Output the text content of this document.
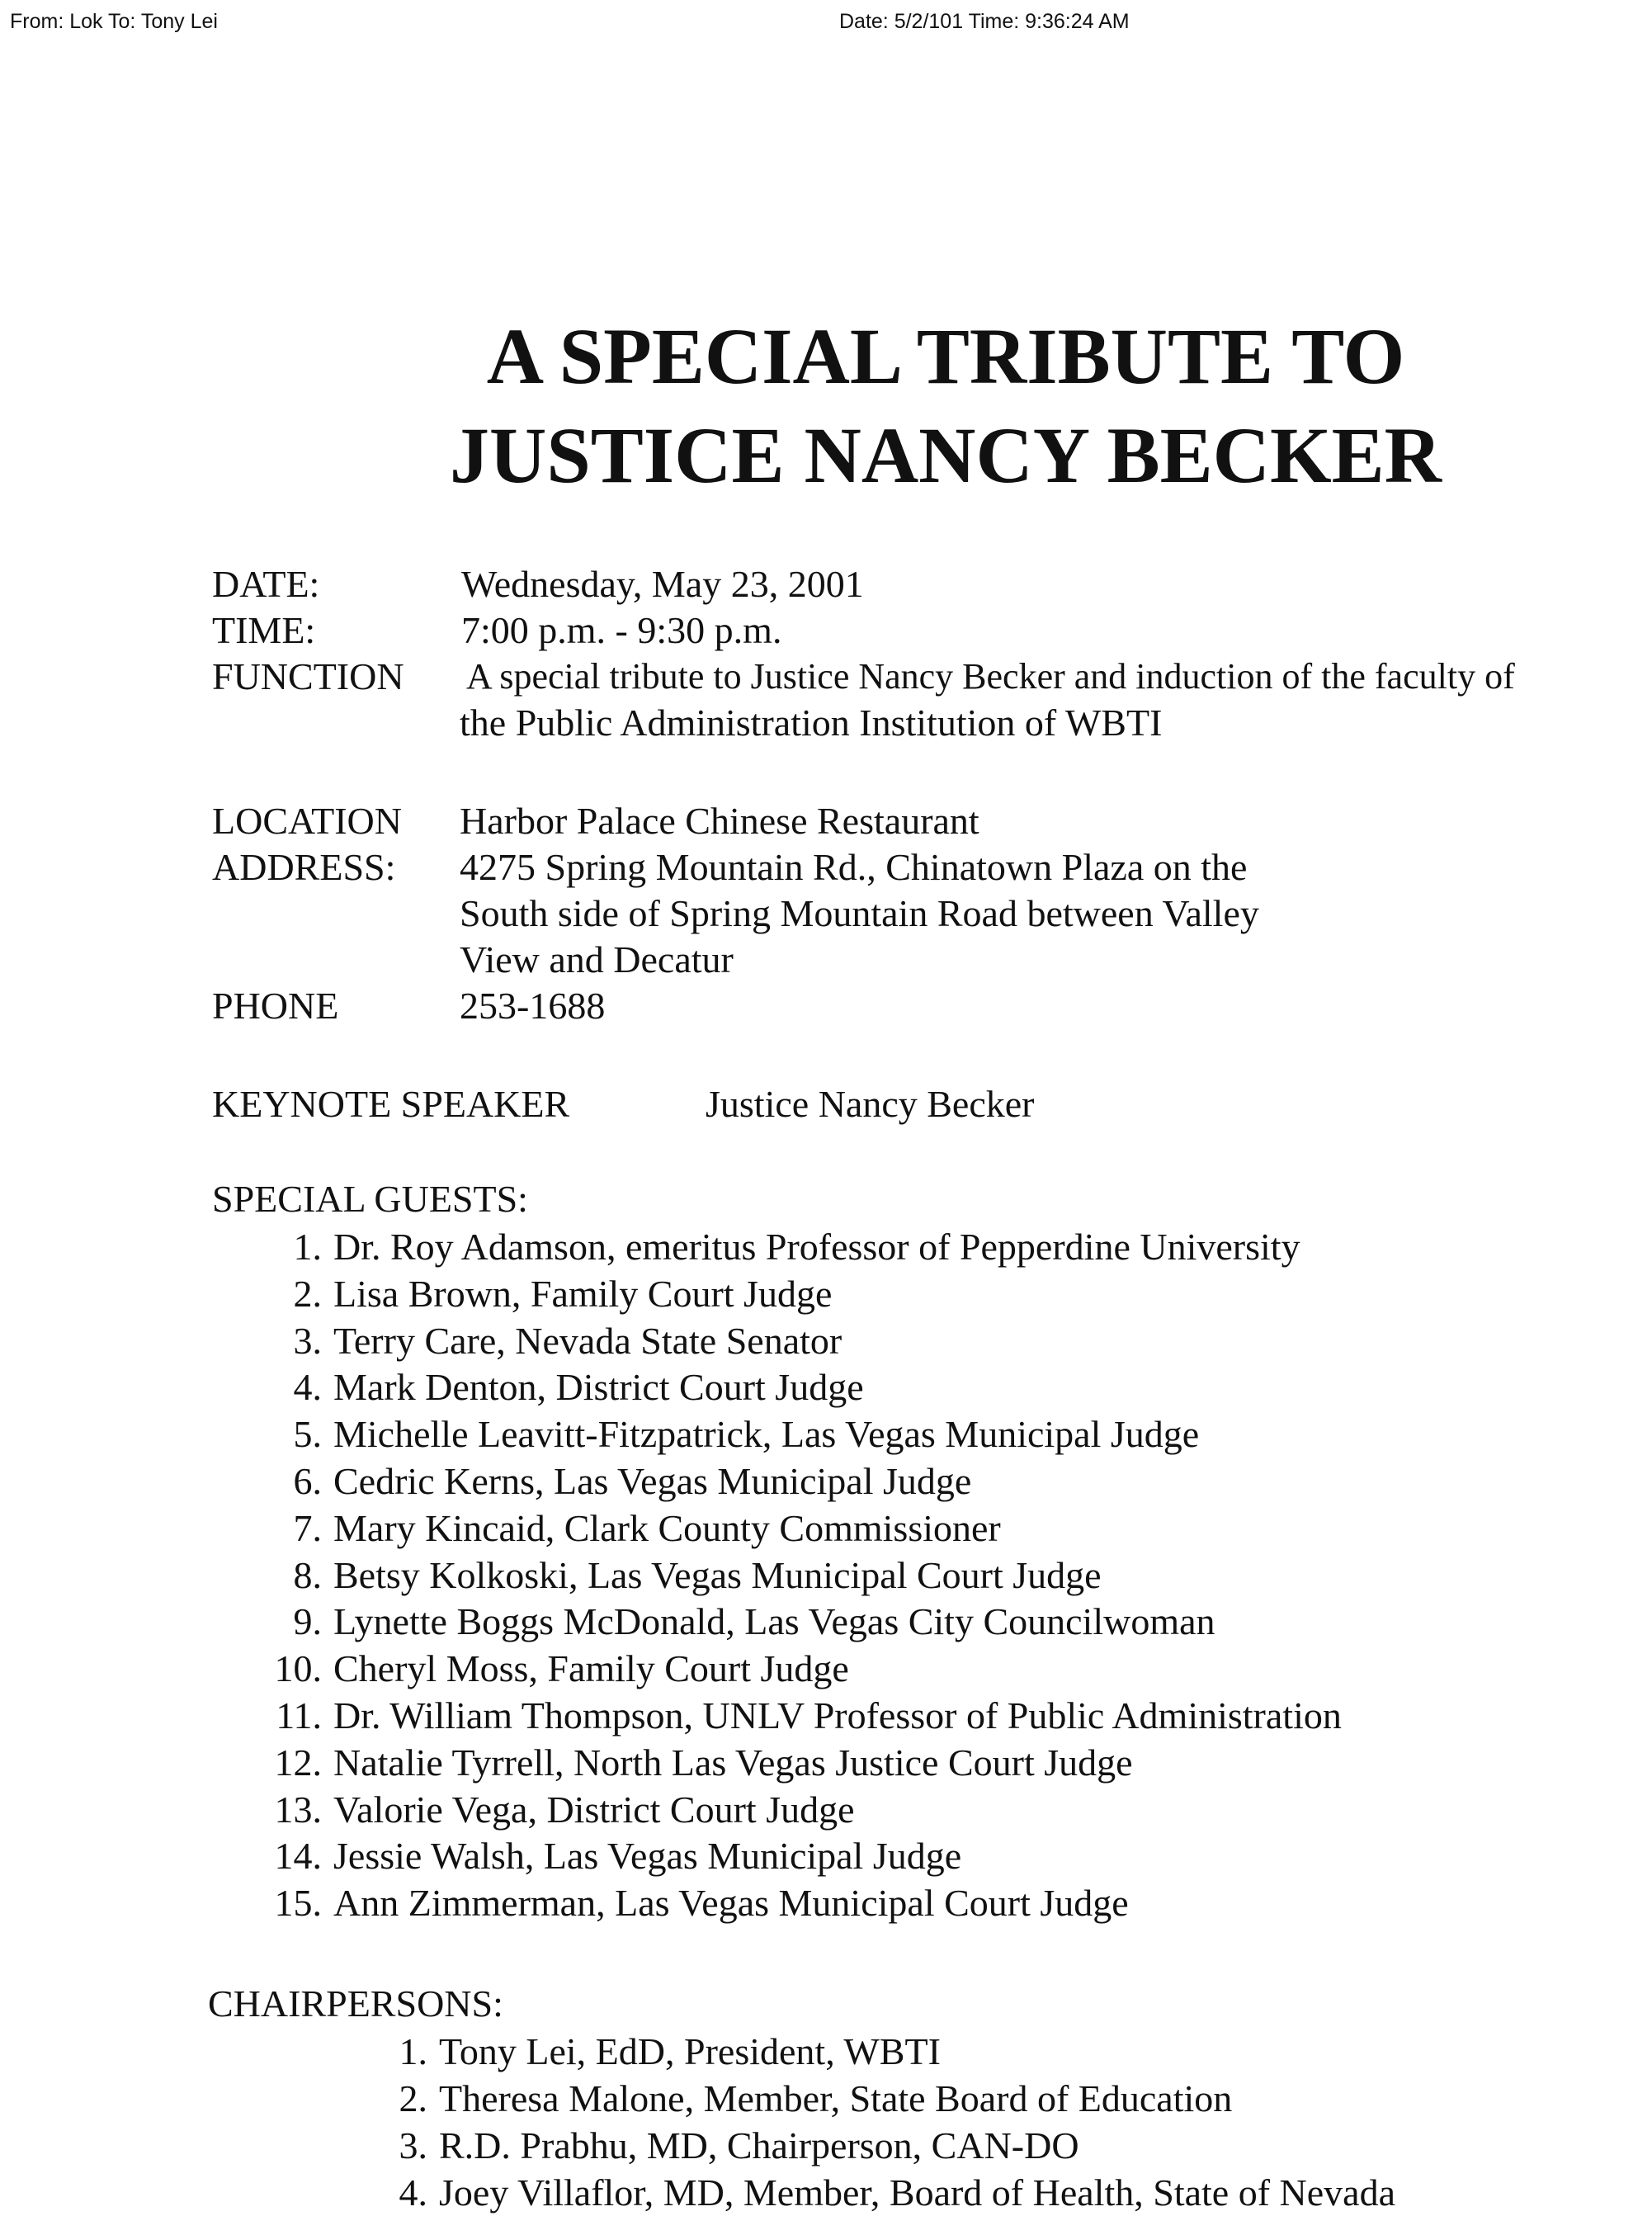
From: Lok To: Tony Lei	Date: 5/2/101 Time: 9:36:24 AM
A SPECIAL TRIBUTE TO
JUSTICE NANCY BECKER
DATE:	Wednesday, May 23, 2001
TIME:	7:00 p.m. - 9:30 p.m.
FUNCTION A special tribute to Justice Nancy Becker and induction of the faculty of
the Public Administration Institution of WBTI
LOCATION Harbor Palace Chinese Restaurant
ADDRESS: 4275 Spring Mountain Rd., Chinatown Plaza on the
South side of Spring Mountain Road between Valley
View and Decatur
PHONE	253-1688
KEYNOTE SPEAKER	Justice Nancy Becker
SPECIAL GUESTS:
1. Dr. Roy Adamson, emeritus Professor of Pepperdine University
2. Lisa Brown, Family Court Judge
3. Terry Care, Nevada State Senator
4. Mark Denton, District Court Judge
5. Michelle Leavitt-Fitzpatrick, Las Vegas Municipal Judge
6. Cedric Kerns, Las Vegas Municipal Judge
7. Mary Kincaid, Clark County Commissioner
8. Betsy Kolkoski, Las Vegas Municipal Court Judge
9. Lynette Boggs McDonald, Las Vegas City Councilwoman
10. Cheryl Moss, Family Court Judge
11. Dr. William Thompson, UNLV Professor of Public Administration
12. Natalie Tyrrell, North Las Vegas Justice Court Judge
13. Valorie Vega, District Court Judge
14. Jessie Walsh, Las Vegas Municipal Judge
15. Ann Zimmerman, Las Vegas Municipal Court Judge
CHAIRPERSONS:
1. Tony Lei, EdD, President, WBTI
2. Theresa Malone, Member, State Board of Education
3. R.D. Prabhu, MD, Chairperson, CAN-DO
4. Joey Villaflor, MD, Member, Board of Health, State of Nevada
